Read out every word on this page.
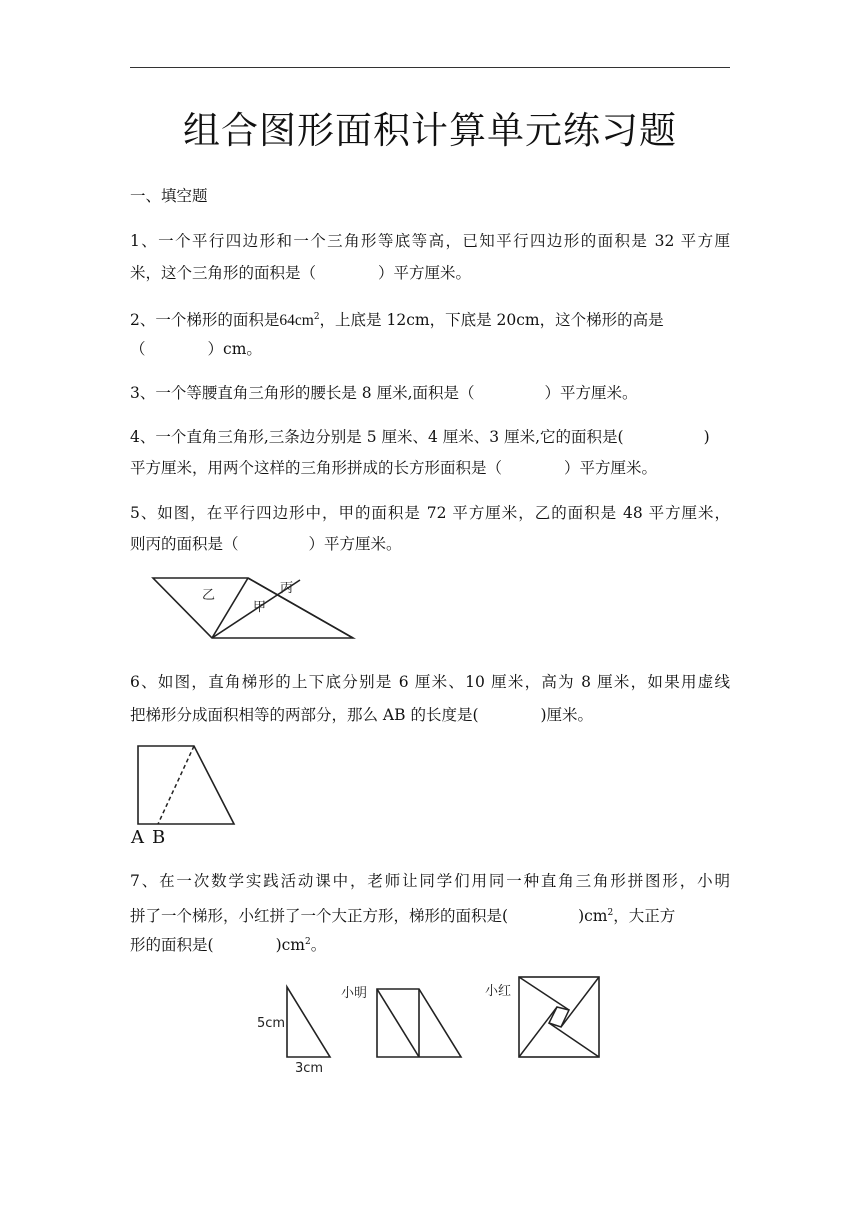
组合图形面积计算单元练习题
一、填空题
1、一个平行四边形和一个三角形等底等高，已知平行四边形的面积是 32 平方厘
米，这个三角形的面积是（	）平方厘米。
2、一个梯形的面积是$64cm^2$，上底是 12cm，下底是 20cm，这个梯形的高是
（	）cm。
3、一个等腰直角三角形的腰长是 8 厘米,面积是（	）平方厘米。
4、一个直角三角形,三条边分别是 5 厘米、4 厘米、3 厘米,它的面积是(	)
平方厘米，用两个这样的三角形拼成的长方形面积是（	）平方厘米。
5、如图，在平行四边形中，甲的面积是 72 平方厘米，乙的面积是 48 平方厘米，
则丙的面积是（	）平方厘米。
乙
甲
丙
6、如图，直角梯形的上下底分别是 6 厘米、10 厘米，高为 8 厘米，如果用虚线
把梯形分成面积相等的两部分，那么 AB 的长度是(	)厘米。
A B
7、在一次数学实践活动课中，老师让同学们用同一种直角三角形拼图形，小明
拼了一个梯形，小红拼了一个大正方形，梯形的面积是(	)$cm^2$，大正方
形的面积是(	)$cm^2$。
5cm
3cm
小明	小红
